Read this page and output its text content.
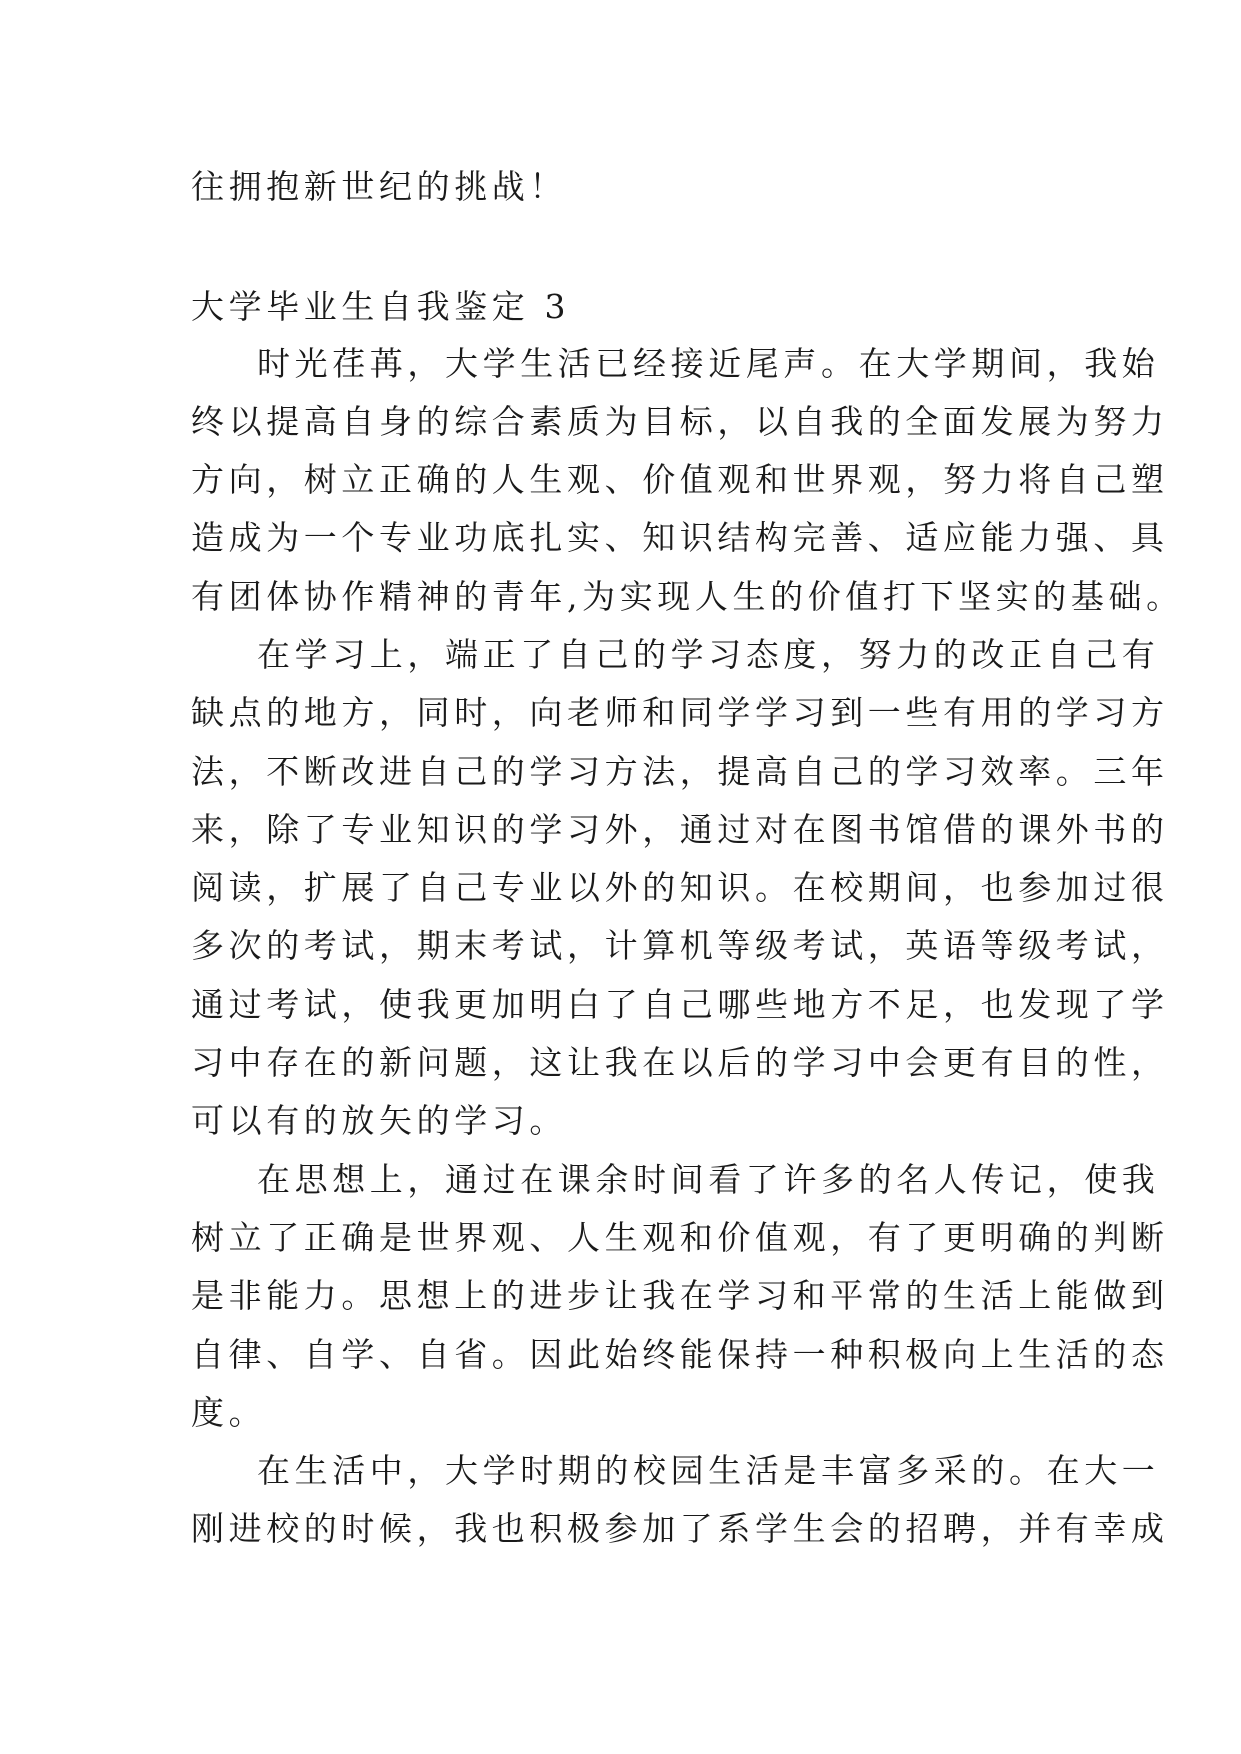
往拥抱新世纪的挑战！
大学毕业生自我鉴定 3
时光荏苒，大学生活已经接近尾声。在大学期间，我始
终以提高自身的综合素质为目标，以自我的全面发展为努力
方向，树立正确的人生观、价值观和世界观，努力将自己塑
造成为一个专业功底扎实、知识结构完善、适应能力强、具
有团体协作精神的青年,为实现人生的价值打下坚实的基础。
在学习上，端正了自己的学习态度，努力的改正自己有
缺点的地方，同时，向老师和同学学习到一些有用的学习方
法，不断改进自己的学习方法，提高自己的学习效率。三年
来，除了专业知识的学习外，通过对在图书馆借的课外书的
阅读，扩展了自己专业以外的知识。在校期间，也参加过很
多次的考试，期末考试，计算机等级考试，英语等级考试，
通过考试，使我更加明白了自己哪些地方不足，也发现了学
习中存在的新问题，这让我在以后的学习中会更有目的性，
可以有的放矢的学习。
在思想上，通过在课余时间看了许多的名人传记，使我
树立了正确是世界观、人生观和价值观，有了更明确的判断
是非能力。思想上的进步让我在学习和平常的生活上能做到
自律、自学、自省。因此始终能保持一种积极向上生活的态
度。
在生活中，大学时期的校园生活是丰富多采的。在大一
刚进校的时候，我也积极参加了系学生会的招聘，并有幸成
